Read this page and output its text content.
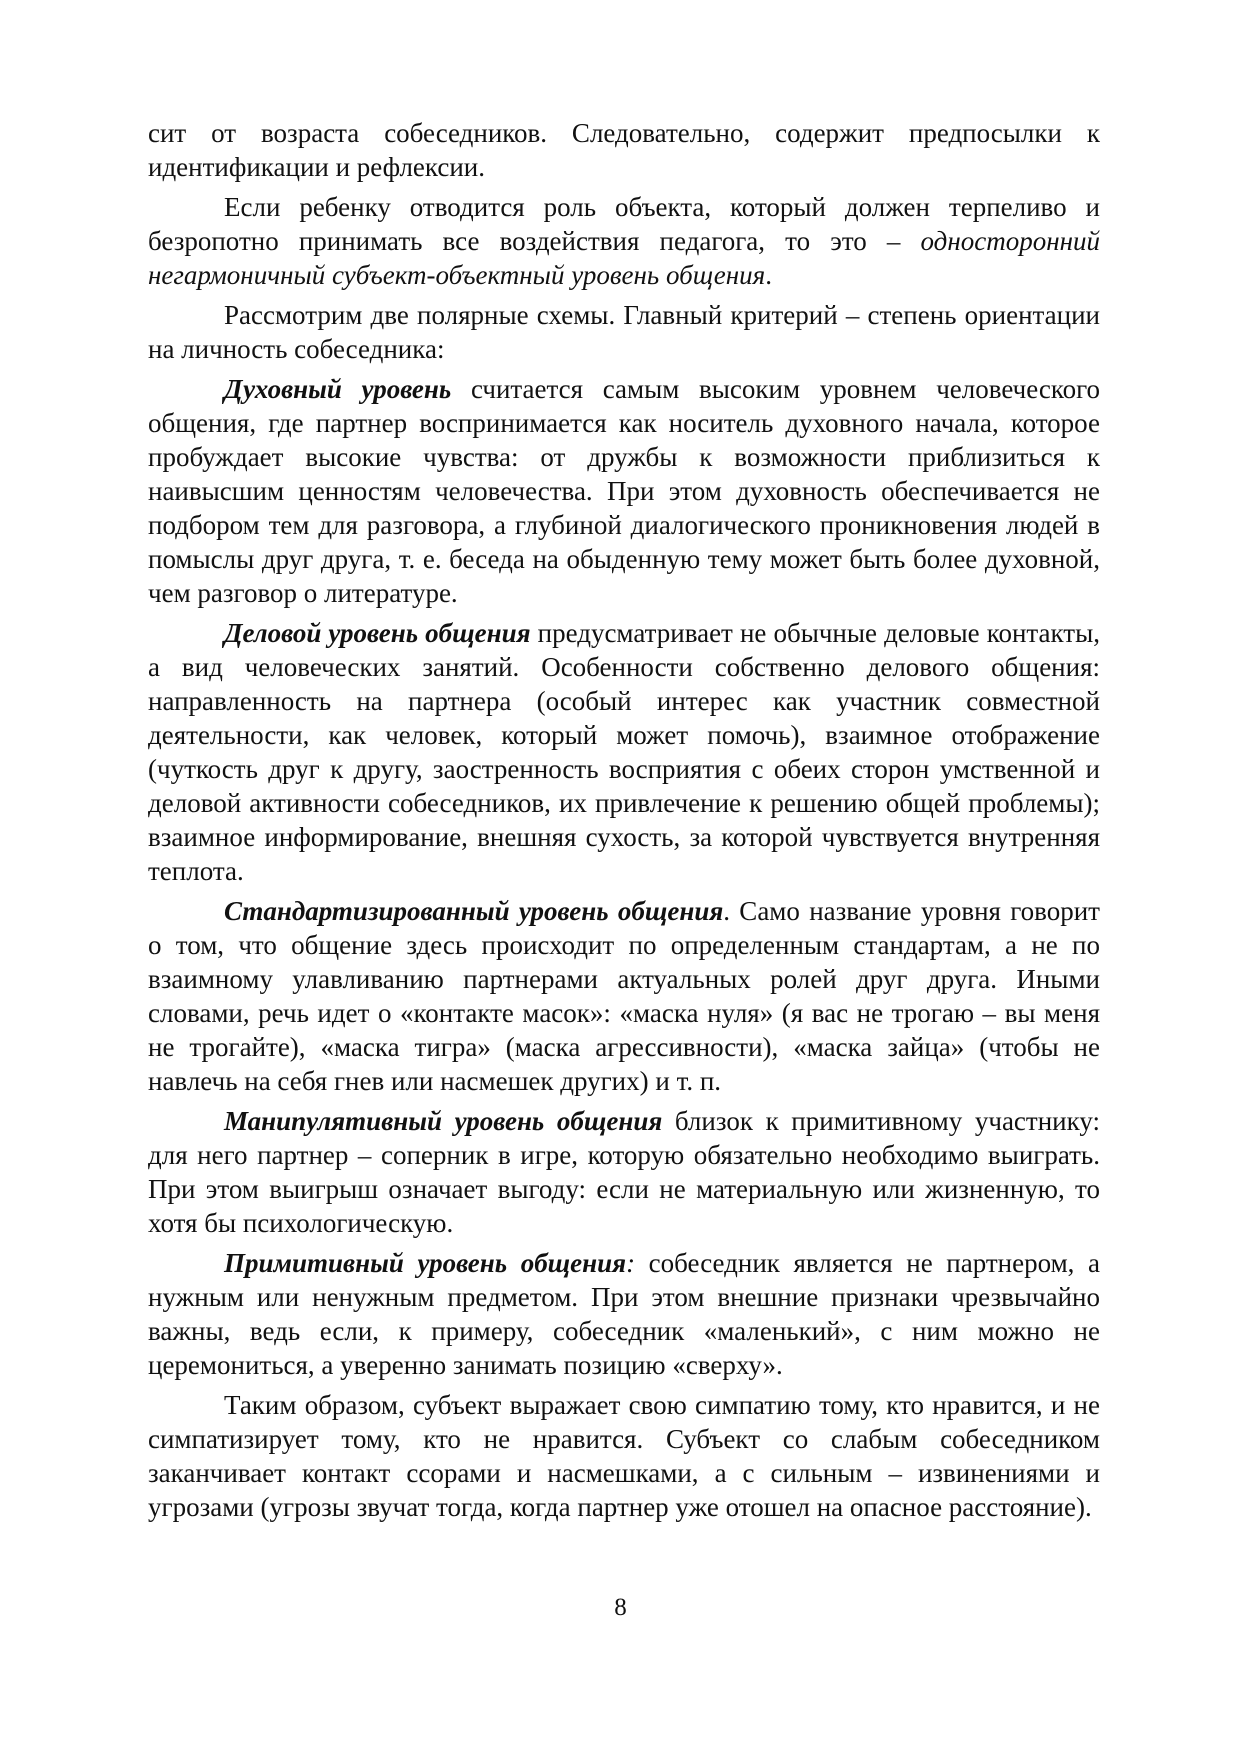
сит от возраста собеседников. Следовательно, содержит предпосылки к идентификации и рефлексии.

Если ребенку отводится роль объекта, который должен терпеливо и безропотно принимать все воздействия педагога, то это – односторонний негармоничный субъект-объектный уровень общения.

Рассмотрим две полярные схемы. Главный критерий – степень ориентации на личность собеседника:

Духовный уровень считается самым высоким уровнем человеческого общения, где партнер воспринимается как носитель духовного начала, которое пробуждает высокие чувства: от дружбы к возможности приблизиться к наивысшим ценностям человечества. При этом духовность обеспечивается не подбором тем для разговора, а глубиной диалогического проникновения людей в помыслы друг друга, т. е. беседа на обыденную тему может быть более духовной, чем разговор о литературе.

Деловой уровень общения предусматривает не обычные деловые контакты, а вид человеческих занятий. Особенности собственно делового общения: направленность на партнера (особый интерес как участник совместной деятельности, как человек, который может помочь), взаимное отображение (чуткость друг к другу, заостренность восприятия с обеих сторон умственной и деловой активности собеседников, их привлечение к решению общей проблемы); взаимное информирование, внешняя сухость, за которой чувствуется внутренняя теплота.

Стандартизированный уровень общения. Само название уровня говорит о том, что общение здесь происходит по определенным стандартам, а не по взаимному улавливанию партнерами актуальных ролей друг друга. Иными словами, речь идет о «контакте масок»: «маска нуля» (я вас не трогаю – вы меня не трогайте), «маска тигра» (маска агрессивности), «маска зайца» (чтобы не навлечь на себя гнев или насмешек других) и т. п.

Манипулятивный уровень общения близок к примитивному участнику: для него партнер – соперник в игре, которую обязательно необходимо выиграть. При этом выигрыш означает выгоду: если не материальную или жизненную, то хотя бы психологическую.

Примитивный уровень общения: собеседник является не партнером, а нужным или ненужным предметом. При этом внешние признаки чрезвычайно важны, ведь если, к примеру, собеседник «маленький», с ним можно не церемониться, а уверенно занимать позицию «сверху».

Таким образом, субъект выражает свою симпатию тому, кто нравится, и не симпатизирует тому, кто не нравится. Субъект со слабым собеседником заканчивает контакт ссорами и насмешками, а с сильным – извинениями и угрозами (угрозы звучат тогда, когда партнер уже отошел на опасное расстояние).

8
